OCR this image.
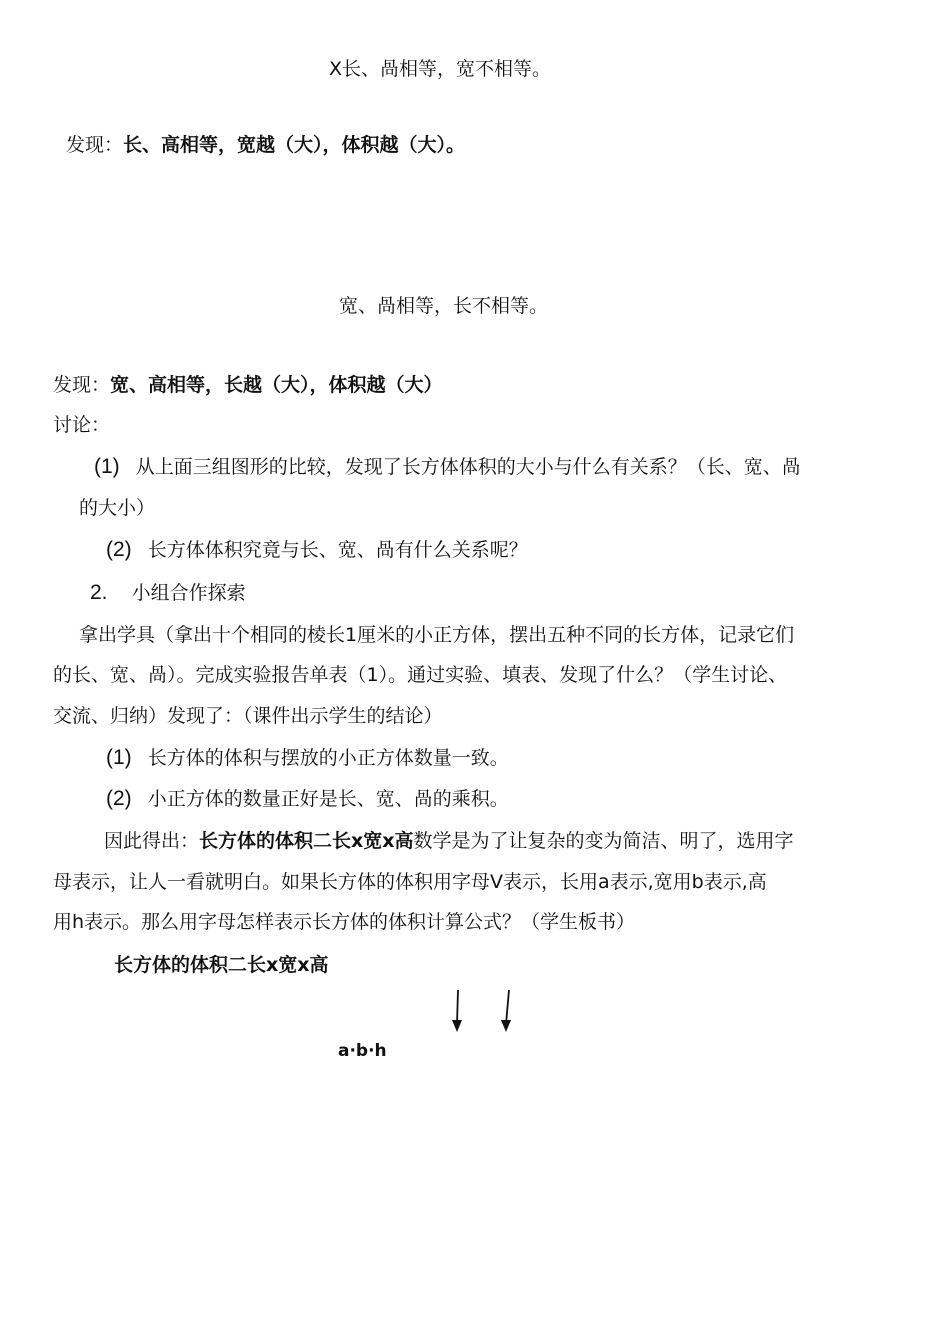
X长、咼相等，宽不相等。
发现：长、高相等，宽越（大），体积越（大）。
宽、咼相等，长不相等。
发现：宽、高相等，长越（大），体积越（大）
讨论：
(1) 从上面三组图形的比较，发现了长方体体积的大小与什么有关系？（长、宽、咼
的大小）
(2) 长方体体积究竟与长、宽、咼有什么关系呢？
2. 小组合作探索
拿出学具（拿出十个相同的棱长1厘米的小正方体，摆出五种不同的长方体，记录它们
的长、宽、咼）。完成实验报告单表（1）。通过实验、填表、发现了什么？（学生讨论、
交流、归纳）发现了：（课件出示学生的结论）
(1) 长方体的体积与摆放的小正方体数量一致。
(2) 小正方体的数量正好是长、宽、咼的乘积。
因此得出：长方体的体积二长x宽x高数学是为了让复杂的变为简洁、明了，选用字
母表示，让人一看就明白。如果长方体的体积用字母V表示，长用a表示,宽用b表示,高
用h表示。那么用字母怎样表示长方体的体积计算公式？（学生板书）
长方体的体积二长x宽x高
a·b·h
